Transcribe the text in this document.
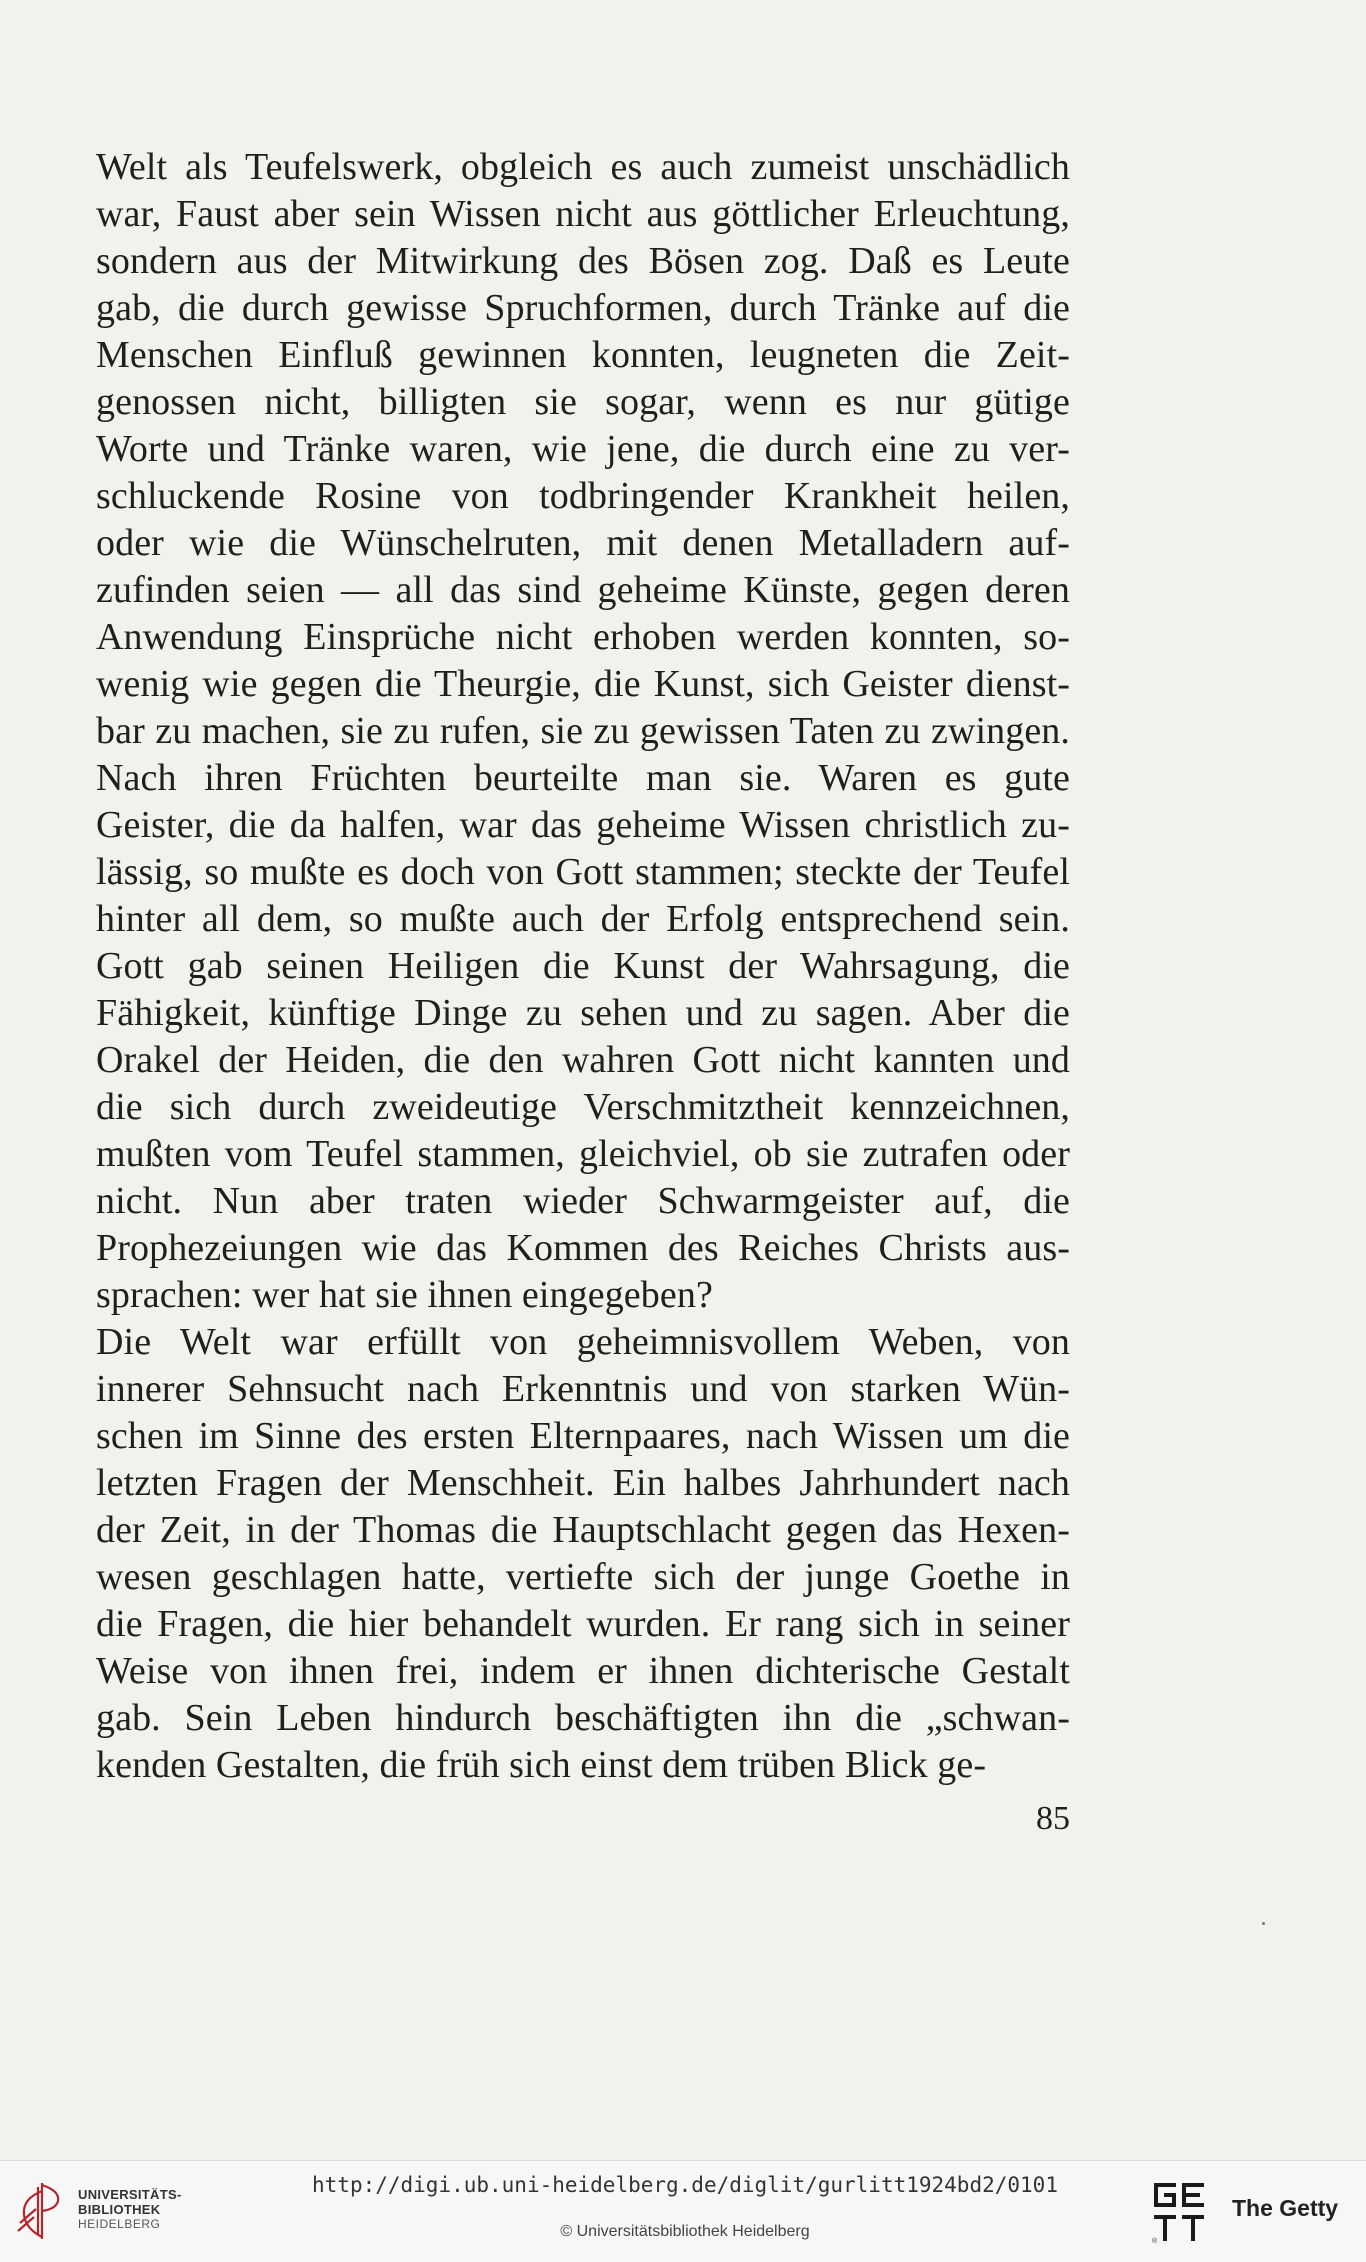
Welt als Teufelswerk, obgleich es auch zumeist unschädlich
war, Faust aber sein Wissen nicht aus göttlicher Erleuchtung,
sondern aus der Mitwirkung des Bösen zog. Daß es Leute
gab, die durch gewisse Spruchformen, durch Tränke auf die
Menschen Einfluß gewinnen konnten, leugneten die Zeit-
genossen nicht, billigten sie sogar, wenn es nur gütige
Worte und Tränke waren, wie jene, die durch eine zu ver-
schluckende Rosine von todbringender Krankheit heilen,
oder wie die Wünschelruten, mit denen Metalladern auf-
zufinden seien — all das sind geheime Künste, gegen deren
Anwendung Einsprüche nicht erhoben werden konnten, so-
wenig wie gegen die Theurgie, die Kunst, sich Geister dienst-
bar zu machen, sie zu rufen, sie zu gewissen Taten zu zwingen.
Nach ihren Früchten beurteilte man sie. Waren es gute
Geister, die da halfen, war das geheime Wissen christlich zu-
lässig, so mußte es doch von Gott stammen; steckte der Teufel
hinter all dem, so mußte auch der Erfolg entsprechend sein.
Gott gab seinen Heiligen die Kunst der Wahrsagung, die
Fähigkeit, künftige Dinge zu sehen und zu sagen. Aber die
Orakel der Heiden, die den wahren Gott nicht kannten und
die sich durch zweideutige Verschmitztheit kennzeichnen,
mußten vom Teufel stammen, gleichviel, ob sie zutrafen oder
nicht. Nun aber traten wieder Schwarmgeister auf, die
Prophezeiungen wie das Kommen des Reiches Christs aus-
sprachen: wer hat sie ihnen eingegeben?
Die Welt war erfüllt von geheimnisvollem Weben, von
innerer Sehnsucht nach Erkenntnis und von starken Wün-
schen im Sinne des ersten Elternpaares, nach Wissen um die
letzten Fragen der Menschheit. Ein halbes Jahrhundert nach
der Zeit, in der Thomas die Hauptschlacht gegen das Hexen-
wesen geschlagen hatte, vertiefte sich der junge Goethe in
die Fragen, die hier behandelt wurden. Er rang sich in seiner
Weise von ihnen frei, indem er ihnen dichterische Gestalt
gab. Sein Leben hindurch beschäftigten ihn die „schwan-
kenden Gestalten, die früh sich einst dem trüben Blick ge-
85
UNIVERSITÄTS-
BIBLIOTHEK
HEIDELBERG
http://digi.ub.uni-heidelberg.de/diglit/gurlitt1924bd2/0101
© Universitätsbibliothek Heidelberg
®
The Getty
